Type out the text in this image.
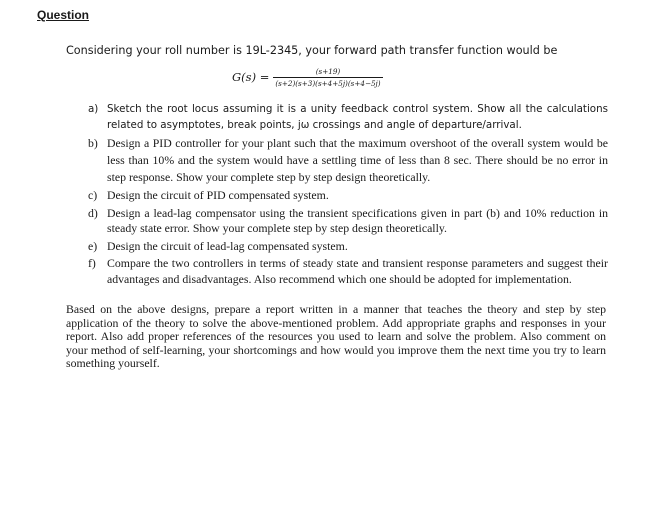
Question
Considering your roll number is 19L-2345, your forward path transfer function would be
$G(s) = \frac{(s+19)}{(s+2)(s+3)(s+4+5j)(s+4-5j)}$
a) Sketch the root locus assuming it is a unity feedback control system. Show all the calculations related to asymptotes, break points, jω crossings and angle of departure/arrival.
b) Design a PID controller for your plant such that the maximum overshoot of the overall system would be less than 10% and the system would have a settling time of less than 8 sec. There should be no error in step response. Show your complete step by step design theoretically.
c) Design the circuit of PID compensated system.
d) Design a lead-lag compensator using the transient specifications given in part (b) and 10% reduction in steady state error. Show your complete step by step design theoretically.
e) Design the circuit of lead-lag compensated system.
f) Compare the two controllers in terms of steady state and transient response parameters and suggest their advantages and disadvantages. Also recommend which one should be adopted for implementation.
Based on the above designs, prepare a report written in a manner that teaches the theory and step by step application of the theory to solve the above-mentioned problem. Add appropriate graphs and responses in your report. Also add proper references of the resources you used to learn and solve the problem. Also comment on your method of self-learning, your shortcomings and how would you improve them the next time you try to learn something yourself.
